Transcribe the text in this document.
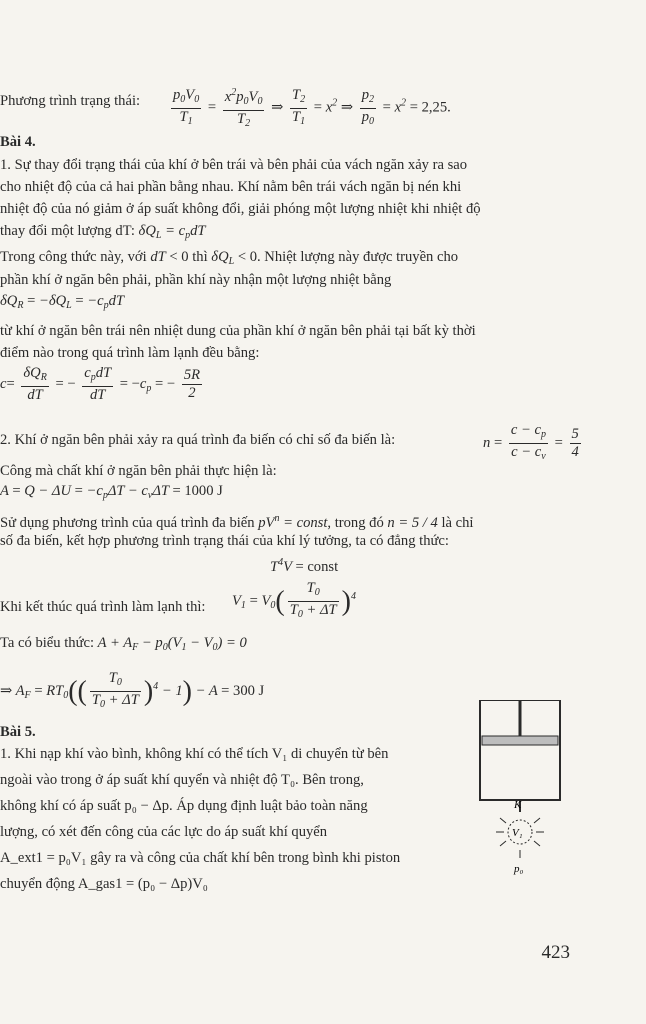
Phương trình trạng thái: $\frac{p_0V_0}{T_1} = \frac{x^2p_0V_0}{T_2}$ ⇒ $\frac{T_2}{T_1} = x^2$ ⇒ $\frac{p_2}{p_0} = x^2 = 2,25$.
Bài 4.
1. Sự thay đổi trạng thái của khí ở bên trái và bên phải của vách ngăn xảy ra sao
cho nhiệt độ của cả hai phần bằng nhau. Khí nằm bên trái vách ngăn bị nén khi
nhiệt độ của nó giảm ở áp suất không đổi, giải phóng một lượng nhiệt khi nhiệt độ
thay đổi một lượng dT: $\delta Q_L = c_pdT$
Trong công thức này, với dT < 0 thì $\delta Q_L < 0$. Nhiệt lượng này được truyền cho
phần khí ở ngăn bên phải, phần khí này nhận một lượng nhiệt bằng
$\delta Q_R = -\delta Q_L = -c_pdT$
từ khí ở ngăn bên trái nên nhiệt dung của phần khí ở ngăn bên phải tại bất kỳ thời
điểm nào trong quá trình làm lạnh đều bằng:
$c= \frac{\delta Q_R}{dT}$ = − $\frac{c_pdT}{dT} = -c_p$ = − $\frac{5R}{2}$
2. Khí ở ngăn bên phải xảy ra quá trình đa biến có chỉ số đa biến là:	$n = \frac{c - c_p}{c - c_v} = \frac{5}{4}$
Công mà chất khí ở ngăn bên phải thực hiện là:
$A = Q - \Delta U = -c_p\Delta T - c_v\Delta T = 1000$ J
Sử dụng phương trình của quá trình đa biến $pV^n$ = const, trong đó n = 5 / 4 là chỉ
số đa biến, kết hợp phương trình trạng thái của khí lý tưởng, ta có đẳng thức:
$T^4V$ = const
Khi kết thúc quá trình làm lạnh thì: $V_1 = V_0( \frac{T_0}{T_0 + \Delta T} )^4$
Ta có biểu thức: $A + A_F - p_0(V_1 - V_0) = 0$
⇒ $A_F = RT_0(( \frac{T_0}{T_0 + \Delta T} )^4 - 1) - A = 300$ J
Bài 5.
1. Khi nạp khí vào bình, không khí có thể tích V₁ di chuyển từ bên
ngoài vào trong ở áp suất khí quyển và nhiệt độ T₀. Bên trong,
không khí có áp suất p₀ − Δp. Áp dụng định luật bảo toàn năng
lượng, có xét đến công của các lực do áp suất khí quyển
A_ext1 = p₀V₁ gây ra và công của chất khí bên trong bình khi piston
chuyển động A_gas1 = (p₀ − Δp)V₀
K
V₁
p₀
423
